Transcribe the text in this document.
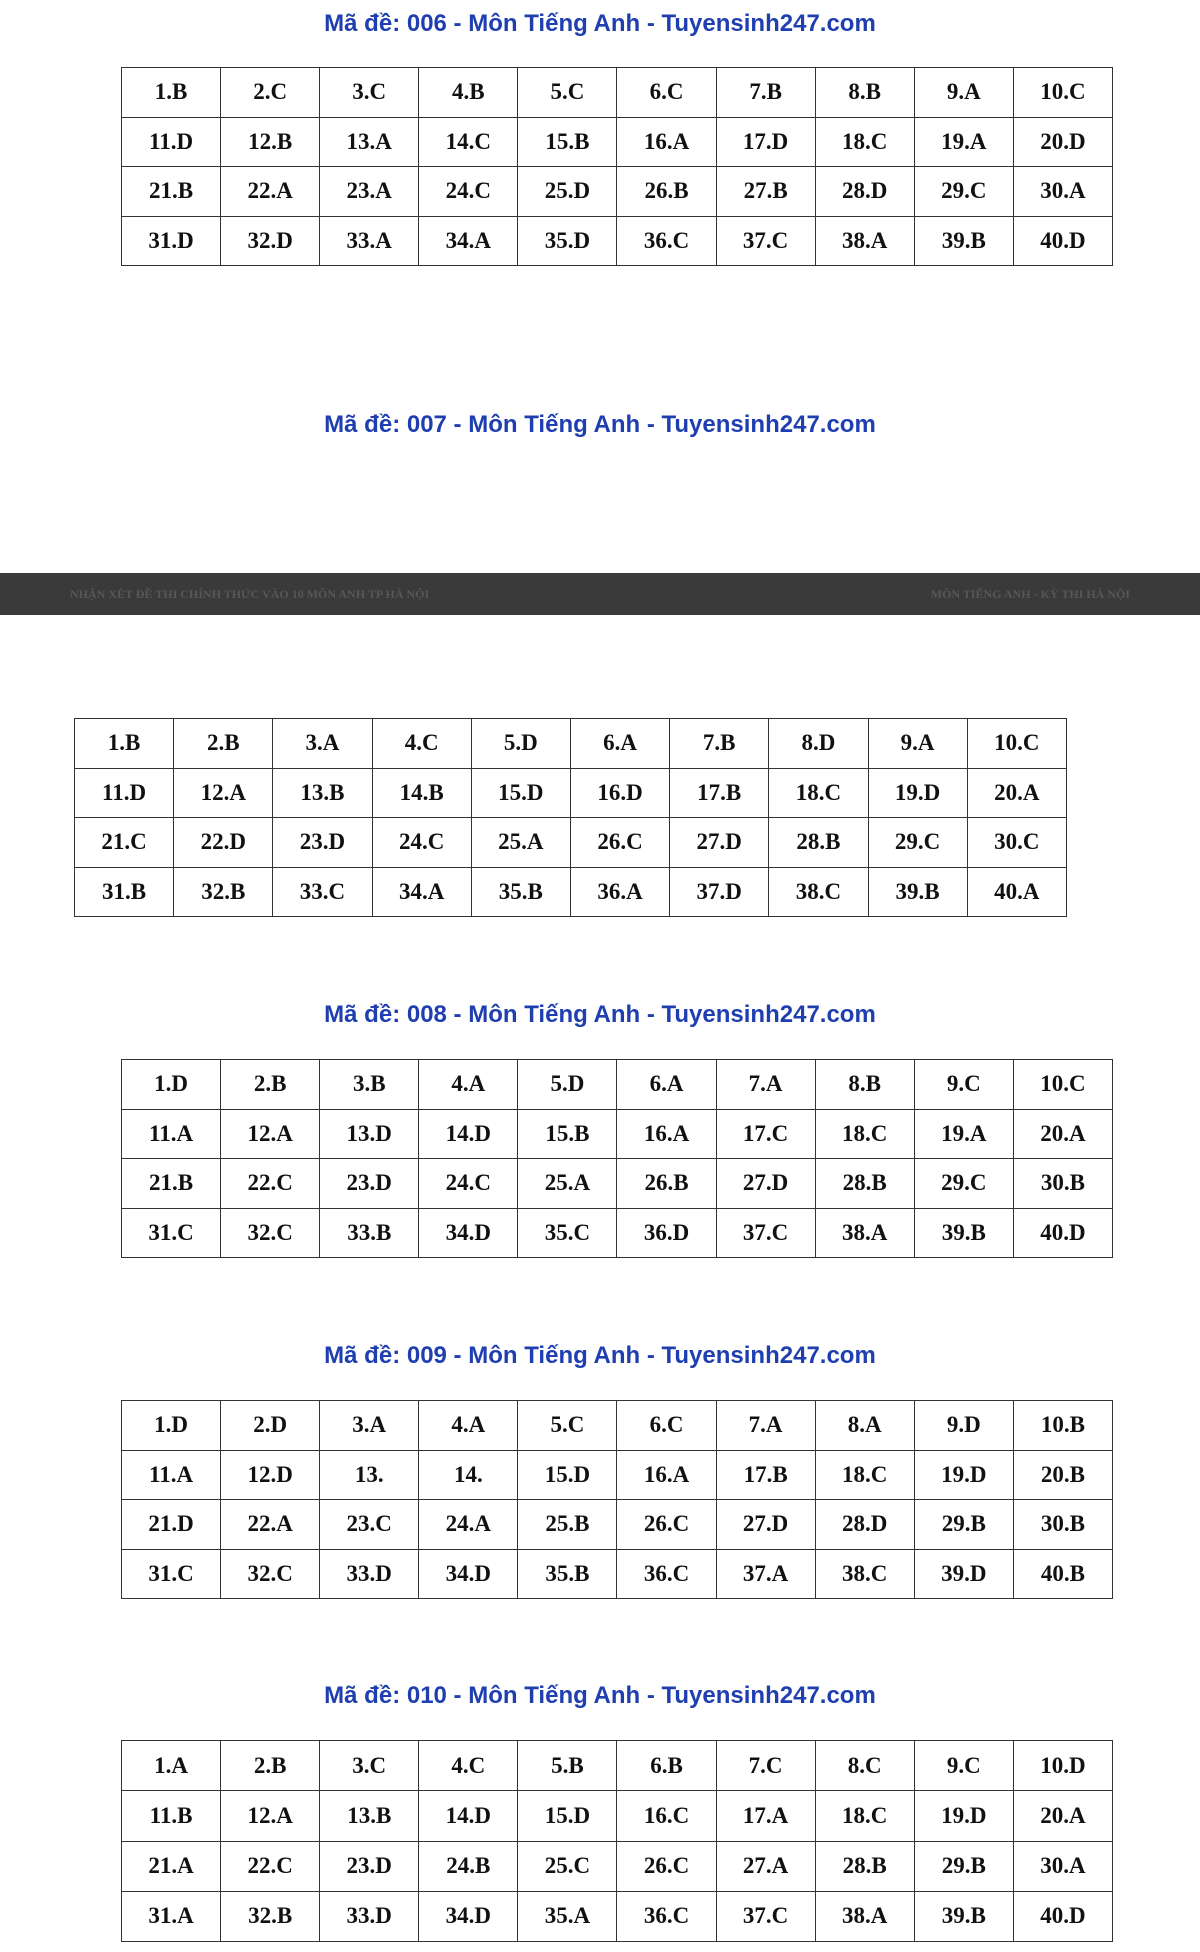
Mã đề: 006 - Môn Tiếng Anh - Tuyensinh247.com
1.B	2.C	3.C	4.B	5.C	6.C	7.B	8.B	9.A	10.C
11.D	12.B	13.A	14.C	15.B	16.A	17.D	18.C	19.A	20.D
21.B	22.A	23.A	24.C	25.D	26.B	27.B	28.D	29.C	30.A
31.D	32.D	33.A	34.A	35.D	36.C	37.C	38.A	39.B	40.D
Mã đề: 007 - Môn Tiếng Anh - Tuyensinh247.com
NHẬN XÉT ĐỀ THI CHÍNH THỨC VÀO 10 MÔN ANH TP HÀ NỘI	MÔN TIẾNG ANH - KỲ THI HÀ NỘI
1.B	2.B	3.A	4.C	5.D	6.A	7.B	8.D	9.A	10.C
11.D	12.A	13.B	14.B	15.D	16.D	17.B	18.C	19.D	20.A
21.C	22.D	23.D	24.C	25.A	26.C	27.D	28.B	29.C	30.C
31.B	32.B	33.C	34.A	35.B	36.A	37.D	38.C	39.B	40.A
Mã đề: 008 - Môn Tiếng Anh - Tuyensinh247.com
1.D	2.B	3.B	4.A	5.D	6.A	7.A	8.B	9.C	10.C
11.A	12.A	13.D	14.D	15.B	16.A	17.C	18.C	19.A	20.A
21.B	22.C	23.D	24.C	25.A	26.B	27.D	28.B	29.C	30.B
31.C	32.C	33.B	34.D	35.C	36.D	37.C	38.A	39.B	40.D
Mã đề: 009 - Môn Tiếng Anh - Tuyensinh247.com
1.D	2.D	3.A	4.A	5.C	6.C	7.A	8.A	9.D	10.B
11.A	12.D	13.	14.	15.D	16.A	17.B	18.C	19.D	20.B
21.D	22.A	23.C	24.A	25.B	26.C	27.D	28.D	29.B	30.B
31.C	32.C	33.D	34.D	35.B	36.C	37.A	38.C	39.D	40.B
Mã đề: 010 - Môn Tiếng Anh - Tuyensinh247.com
1.A	2.B	3.C	4.C	5.B	6.B	7.C	8.C	9.C	10.D
11.B	12.A	13.B	14.D	15.D	16.C	17.A	18.C	19.D	20.A
21.A	22.C	23.D	24.B	25.C	26.C	27.A	28.B	29.B	30.A
31.A	32.B	33.D	34.D	35.A	36.C	37.C	38.A	39.B	40.D
